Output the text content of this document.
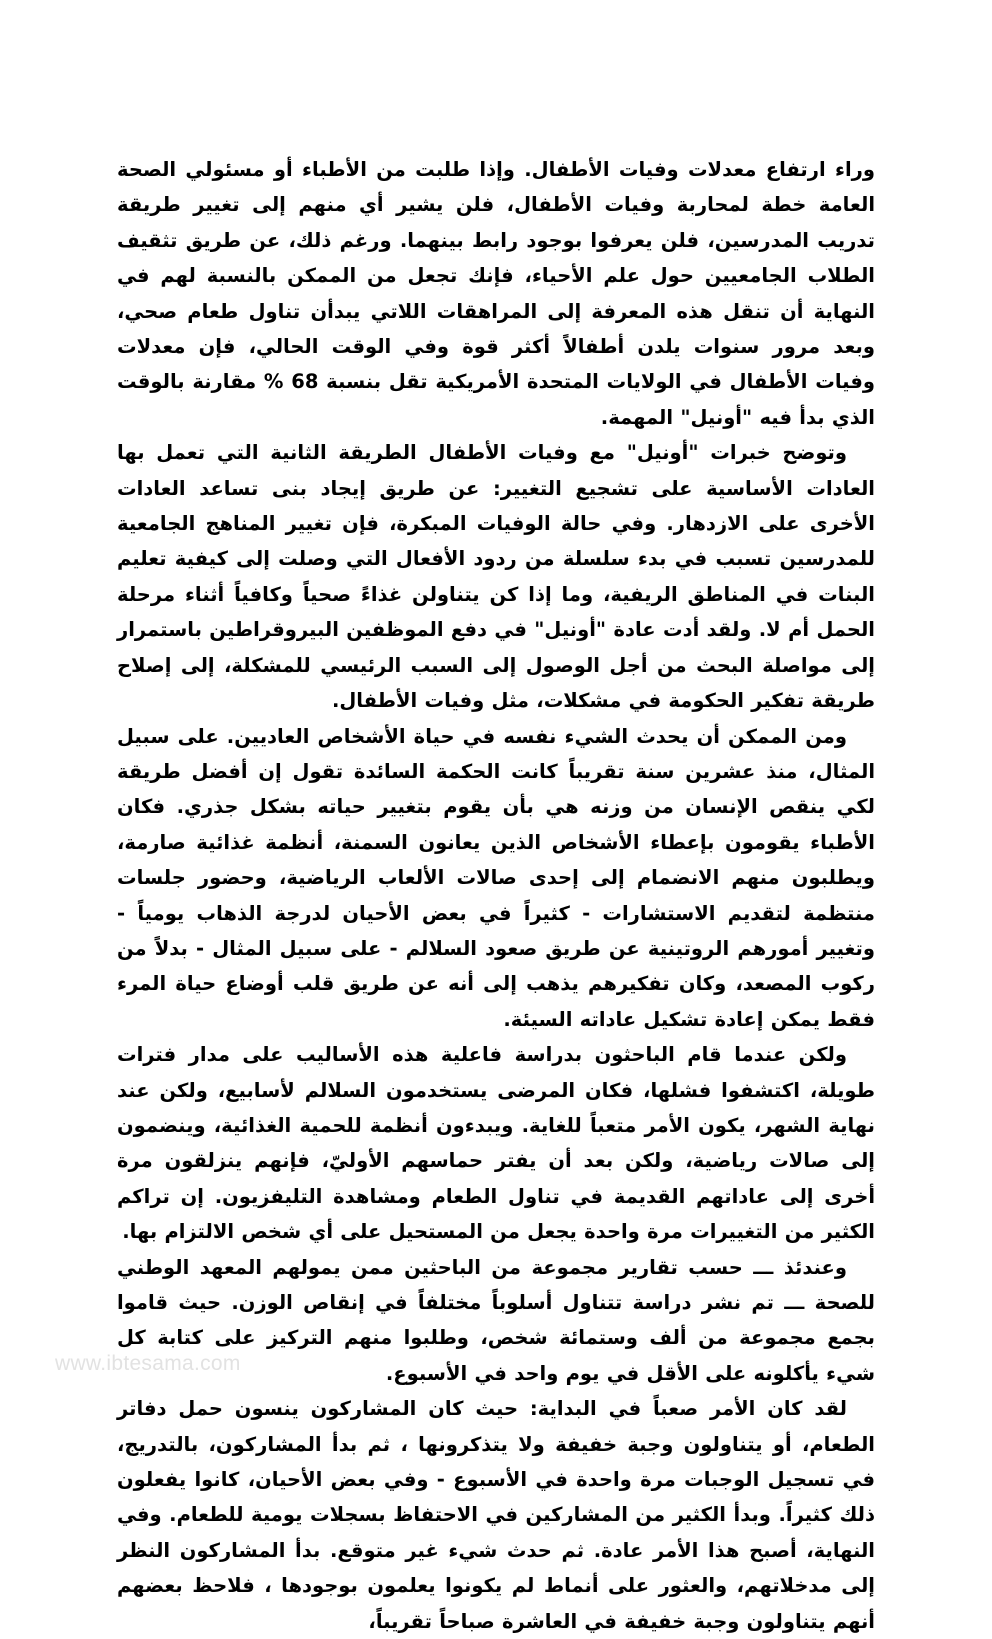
وراء ارتفاع معدلات وفيات الأطفال. وإذا طلبت من الأطباء أو مسئولي الصحة العامة خطة لمحاربة وفيات الأطفال، فلن يشير أي منهم إلى تغيير طريقة تدريب المدرسين، فلن يعرفوا بوجود رابط بينهما. ورغم ذلك، عن طريق تثقيف الطلاب الجامعيين حول علم الأحياء، فإنك تجعل من الممكن بالنسبة لهم في النهاية أن تنقل هذه المعرفة إلى المراهقات اللاتي يبدأن تناول طعام صحي، وبعد مرور سنوات يلدن أطفالاً أكثر قوة وفي الوقت الحالي، فإن معدلات وفيات الأطفال في الولايات المتحدة الأمريكية تقل بنسبة 68 % مقارنة بالوقت الذي بدأ فيه "أونيل" المهمة.

وتوضح خبرات "أونيل" مع وفيات الأطفال الطريقة الثانية التي تعمل بها العادات الأساسية على تشجيع التغيير: عن طريق إيجاد بنى تساعد العادات الأخرى على الازدهار. وفي حالة الوفيات المبكرة، فإن تغيير المناهج الجامعية للمدرسين تسبب في بدء سلسلة من ردود الأفعال التي وصلت إلى كيفية تعليم البنات في المناطق الريفية، وما إذا كن يتناولن غذاءً صحياً وكافياً أثناء مرحلة الحمل أم لا. ولقد أدت عادة "أونيل" في دفع الموظفين البيروقراطين باستمرار إلى مواصلة البحث من أجل الوصول إلى السبب الرئيسي للمشكلة، إلى إصلاح طريقة تفكير الحكومة في مشكلات، مثل وفيات الأطفال.

ومن الممكن أن يحدث الشيء نفسه في حياة الأشخاص العاديين. على سبيل المثال، منذ عشرين سنة تقريباً كانت الحكمة السائدة تقول إن أفضل طريقة لكي ينقص الإنسان من وزنه هي بأن يقوم بتغيير حياته بشكل جذري. فكان الأطباء يقومون بإعطاء الأشخاص الذين يعانون السمنة، أنظمة غذائية صارمة، ويطلبون منهم الانضمام إلى إحدى صالات الألعاب الرياضية، وحضور جلسات منتظمة لتقديم الاستشارات - كثيراً في بعض الأحيان لدرجة الذهاب يومياً - وتغيير أمورهم الروتينية عن طريق صعود السلالم - على سبيل المثال - بدلاً من ركوب المصعد، وكان تفكيرهم يذهب إلى أنه عن طريق قلب أوضاع حياة المرء فقط يمكن إعادة تشكيل عاداته السيئة.

ولكن عندما قام الباحثون بدراسة فاعلية هذه الأساليب على مدار فترات طويلة، اكتشفوا فشلها، فكان المرضى يستخدمون السلالم لأسابيع، ولكن عند نهاية الشهر، يكون الأمر متعباً للغاية. ويبدءون أنظمة للحمية الغذائية، وينضمون إلى صالات رياضية، ولكن بعد أن يفتر حماسهم الأوليّ، فإنهم ينزلقون مرة أخرى إلى عاداتهم القديمة في تناول الطعام ومشاهدة التليفزيون. إن تراكم الكثير من التغييرات مرة واحدة يجعل من المستحيل على أي شخص الالتزام بها.

وعندئذ ـــ حسب تقارير مجموعة من الباحثين ممن يمولهم المعهد الوطني للصحة ـــ تم نشر دراسة تتناول أسلوباً مختلفاً في إنقاص الوزن. حيث قاموا بجمع مجموعة من ألف وستمائة شخص، وطلبوا منهم التركيز على كتابة كل شيء يأكلونه على الأقل في يوم واحد في الأسبوع.

لقد كان الأمر صعباً في البداية: حيث كان المشاركون ينسون حمل دفاتر الطعام، أو يتناولون وجبة خفيفة ولا يتذكرونها ، ثم بدأ المشاركون، بالتدريج، في تسجيل الوجبات مرة واحدة في الأسبوع - وفي بعض الأحيان، كانوا يفعلون ذلك كثيراً. وبدأ الكثير من المشاركين في الاحتفاظ بسجلات يومية للطعام. وفي النهاية، أصبح هذا الأمر عادة. ثم حدث شيء غير متوقع. بدأ المشاركون النظر إلى مدخلاتهم، والعثور على أنماط لم يكونوا يعلمون بوجودها ، فلاحظ بعضهم أنهم يتناولون وجبة خفيفة في العاشرة صباحاً تقريباً،

www.ibtesama.com
